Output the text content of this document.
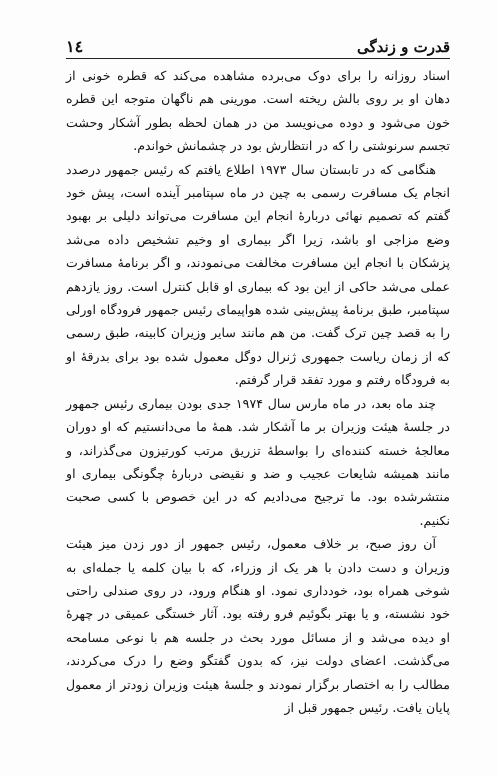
١٤	قدرت و زندگی

اسناد روزانه را برای دوک می‌برده مشاهده می‌کند که قطره خونی از دهان او بر روی بالش ریخته است. مورینی هم ناگهان متوجه این قطره خون می‌شود و دوده می‌نویسد من در همان لحظه بطور آشکار وحشت تجسم سرنوشتی را که در انتظارش بود در چشمانش خواندم.

هنگامی که در تابستان سال ۱۹۷۳ اطلاع یافتم که رئیس جمهور درصدد انجام یک مسافرت رسمی به چین در ماه سپتامبر آینده است، پیش خود گفتم که تصمیم نهائی دربارهٔ انجام این مسافرت می‌تواند دلیلی بر بهبود وضع مزاجی او باشد، زیرا اگر بیماری او وخیم تشخیص داده می‌شد پزشکان با انجام این مسافرت مخالفت می‌نمودند، و اگر برنامهٔ مسافرت عملی می‌شد حاکی از این بود که بیماری او قابل کنترل است. روز یازدهم سپتامبر، طبق برنامهٔ پیش‌بینی شده هواپیمای رئیس جمهور فرودگاه اورلی را به قصد چین ترک گفت. من هم مانند سایر وزیران کابینه، طبق رسمی که از زمان ریاست جمهوری ژنرال دوگل معمول شده بود برای بدرقهٔ او به فرودگاه رفتم و مورد تفقد قرار گرفتم.

چند ماه بعد، در ماه مارس سال ۱۹۷۴ جدی بودن بیماری رئیس جمهور در جلسهٔ هیئت وزیران بر ما آشکار شد. همهٔ ما می‌دانستیم که او دوران معالجهٔ خسته کننده‌ای را بواسطهٔ تزریق مرتب کورتیزون می‌گذراند، و مانند همیشه شایعات عجیب و ضد و نقیضی دربارهٔ چگونگی بیماری او منتشرشده بود. ما ترجیح می‌دادیم که در این خصوص با کسی صحبت نکنیم.

آن روز صبح، بر خلاف معمول، رئیس جمهور از دور زدن میز هیئت وزیران و دست دادن با هر یک از وزراء، که با بیان کلمه یا جمله‌ای به شوخی همراه بود، خودداری نمود. او هنگام ورود، در روی صندلی راحتی خود نشسته، و یا بهتر بگوئیم فرو رفته بود. آثار خستگی عمیقی در چهرهٔ او دیده می‌شد و از مسائل مورد بحث در جلسه هم با نوعی مسامحه می‌گذشت. اعضای دولت نیز، که بدون گفتگو وضع را درک می‌کردند، مطالب را به اختصار برگزار نمودند و جلسهٔ هیئت وزیران زودتر از معمول پایان یافت. رئیس جمهور قبل از
